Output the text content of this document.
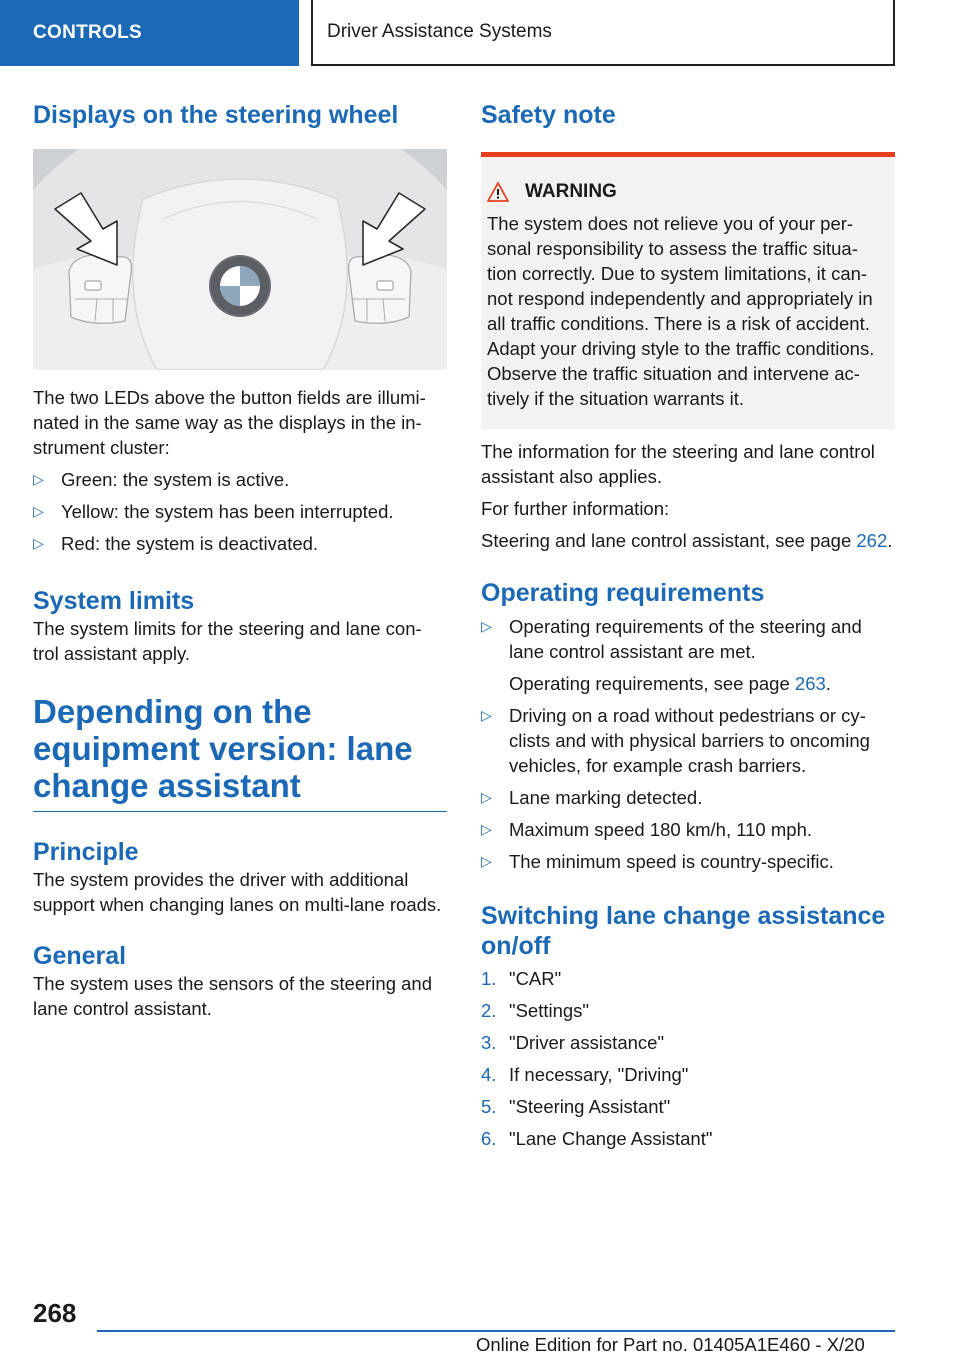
CONTROLS	Driver Assistance Systems
Displays on the steering wheel

The two LEDs above the button fields are illumi-nated in the same way as the displays in the in-strument cluster:

▷ Green: the system is active.
▷ Yellow: the system has been interrupted.
▷ Red: the system is deactivated.
System limits

The system limits for the steering and lane con-trol assistant apply.

Depending on the equipment version: lane change assistant
Principle

The system provides the driver with additional support when changing lanes on multi-lane roads.

General

The system uses the sensors of the steering and lane control assistant.

Safety note
WARNING

The system does not relieve you of your per-sonal responsibility to assess the traffic situa-tion correctly. Due to system limitations, it can-not respond independently and appropriately in all traffic conditions. There is a risk of accident. Adapt your driving style to the traffic conditions. Observe the traffic situation and intervene ac-tively if the situation warrants it.

The information for the steering and lane control assistant also applies.

For further information:

Steering and lane control assistant, see page 262.

Operating requirements
▷ Operating requirements of the steering and lane control assistant are met.
Operating requirements, see page 263.
▷ Driving on a road without pedestrians or cy-clists and with physical barriers to oncoming vehicles, for example crash barriers.
▷ Lane marking detected.
▷ Maximum speed 180 km/h, 110 mph.
▷ The minimum speed is country-specific.
Switching lane change assistance on/off
1. "CAR"
2. "Settings"
3. "Driver assistance"
4. If necessary, "Driving"
5. "Steering Assistant"
6. "Lane Change Assistant"
268
Online Edition for Part no. 01405A1E460 - X/20
